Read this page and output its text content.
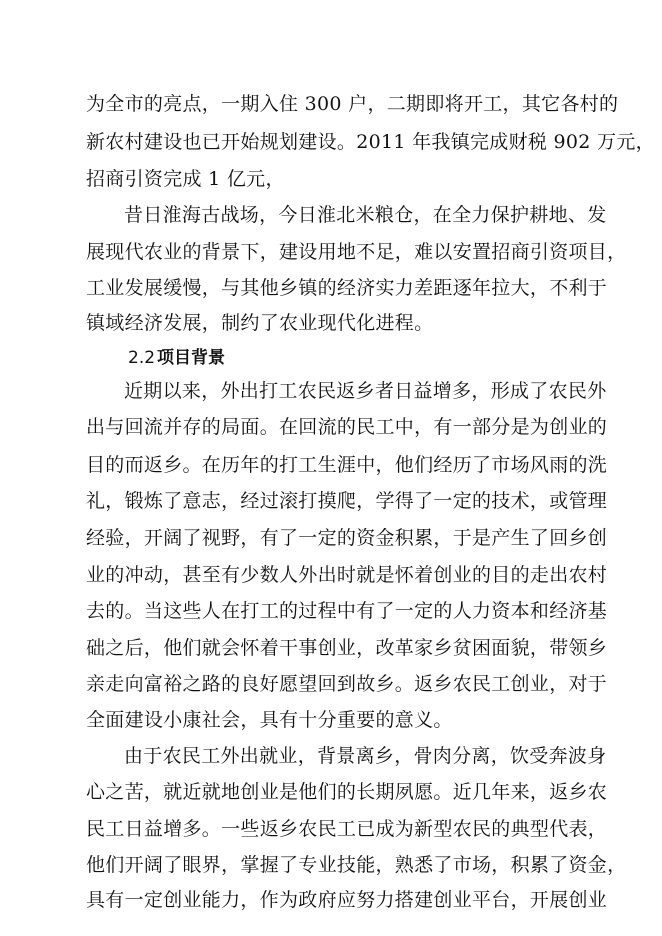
为全市的亮点，一期入住 300 户，二期即将开工，其它各村的
新农村建设也已开始规划建设。2011 年我镇完成财税 902 万元，
招商引资完成 1 亿元，
昔日淮海古战场，今日淮北米粮仓，在全力保护耕地、发
展现代农业的背景下，建设用地不足，难以安置招商引资项目，
工业发展缓慢，与其他乡镇的经济实力差距逐年拉大，不利于
镇域经济发展，制约了农业现代化进程。
2.2 项目背景
近期以来，外出打工农民返乡者日益增多，形成了农民外
出与回流并存的局面。在回流的民工中，有一部分是为创业的
目的而返乡。在历年的打工生涯中，他们经历了市场风雨的洗
礼，锻炼了意志，经过滚打摸爬，学得了一定的技术，或管理
经验，开阔了视野，有了一定的资金积累，于是产生了回乡创
业的冲动，甚至有少数人外出时就是怀着创业的目的走出农村
去的。当这些人在打工的过程中有了一定的人力资本和经济基
础之后，他们就会怀着干事创业，改革家乡贫困面貌，带领乡
亲走向富裕之路的良好愿望回到故乡。返乡农民工创业，对于
全面建设小康社会，具有十分重要的意义。
由于农民工外出就业，背景离乡，骨肉分离，饮受奔波身
心之苦，就近就地创业是他们的长期夙愿。近几年来，返乡农
民工日益增多。一些返乡农民工已成为新型农民的典型代表，
他们开阔了眼界，掌握了专业技能，熟悉了市场，积累了资金，
具有一定创业能力，作为政府应努力搭建创业平台，开展创业
